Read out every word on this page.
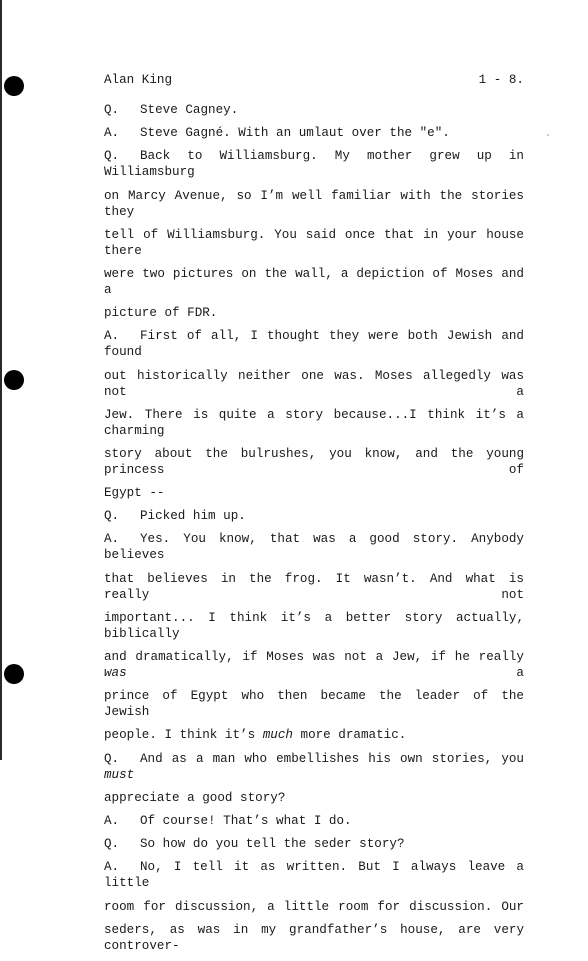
Alan King	1 - 8.
Q. Steve Cagney.
A. Steve Gagné. With an umlaut over the "e".
Q. Back to Williamsburg. My mother grew up in Williamsburg
on Marcy Avenue, so I’m well familiar with the stories they
tell of Williamsburg. You said once that in your house there
were two pictures on the wall, a depiction of Moses and a
picture of FDR.
A. First of all, I thought they were both Jewish and found
out historically neither one was. Moses allegedly was not a
Jew. There is quite a story because...I think it’s a charming
story about the bulrushes, you know, and the young princess of
Egypt --
Q. Picked him up.
A. Yes. You know, that was a good story. Anybody believes
that believes in the frog. It wasn’t. And what is really not
important... I think it’s a better story actually, biblically
and dramatically, if Moses was not a Jew, if he really was a
prince of Egypt who then became the leader of the Jewish
people. I think it’s much more dramatic.
Q. And as a man who embellishes his own stories, you must
appreciate a good story?
A. Of course! That’s what I do.
Q. So how do you tell the seder story?
A. No, I tell it as written. But I always leave a little
room for discussion, a little room for discussion. Our
seders, as was in my grandfather’s house, are very controver-
